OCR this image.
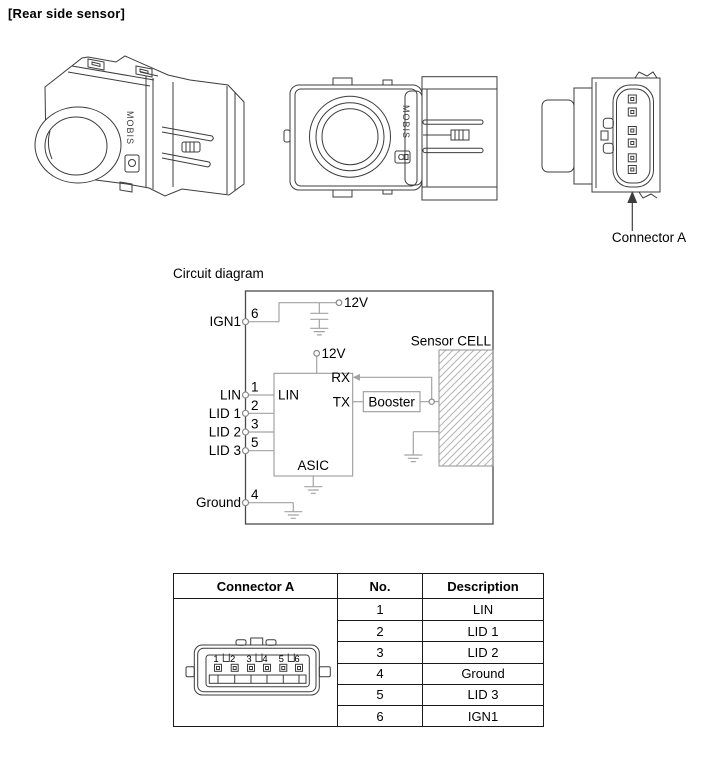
[Rear side sensor]
MOBIS	MOBIS
C
Connector A
Circuit diagram
12V
12V
IGN1
6
LIN
1
LID 1
2
LID 2
3
LID 3
5
Ground
4
LIN
RX
TX
ASIC
Booster
Sensor CELL
Connector A	No.	Description
1 2 3 4 5 6
1	LIN
2	LID 1
3	LID 2
4	Ground
5	LID 3
6	IGN1
